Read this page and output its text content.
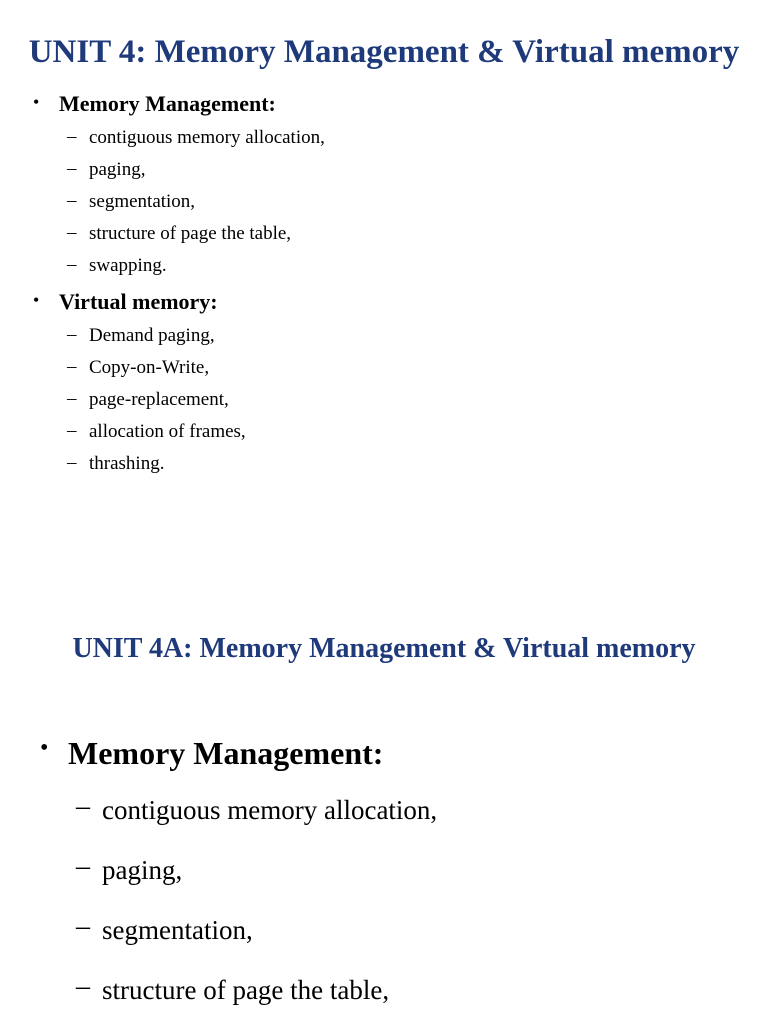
UNIT 4: Memory Management & Virtual memory
• Memory Management:
– contiguous memory allocation,
– paging,
– segmentation,
– structure of page the table,
– swapping.
• Virtual memory:
– Demand paging,
– Copy-on-Write,
– page-replacement,
– allocation of frames,
– thrashing.
UNIT 4A: Memory Management & Virtual memory
• Memory Management:
– contiguous memory allocation,
– paging,
– segmentation,
– structure of page the table,
